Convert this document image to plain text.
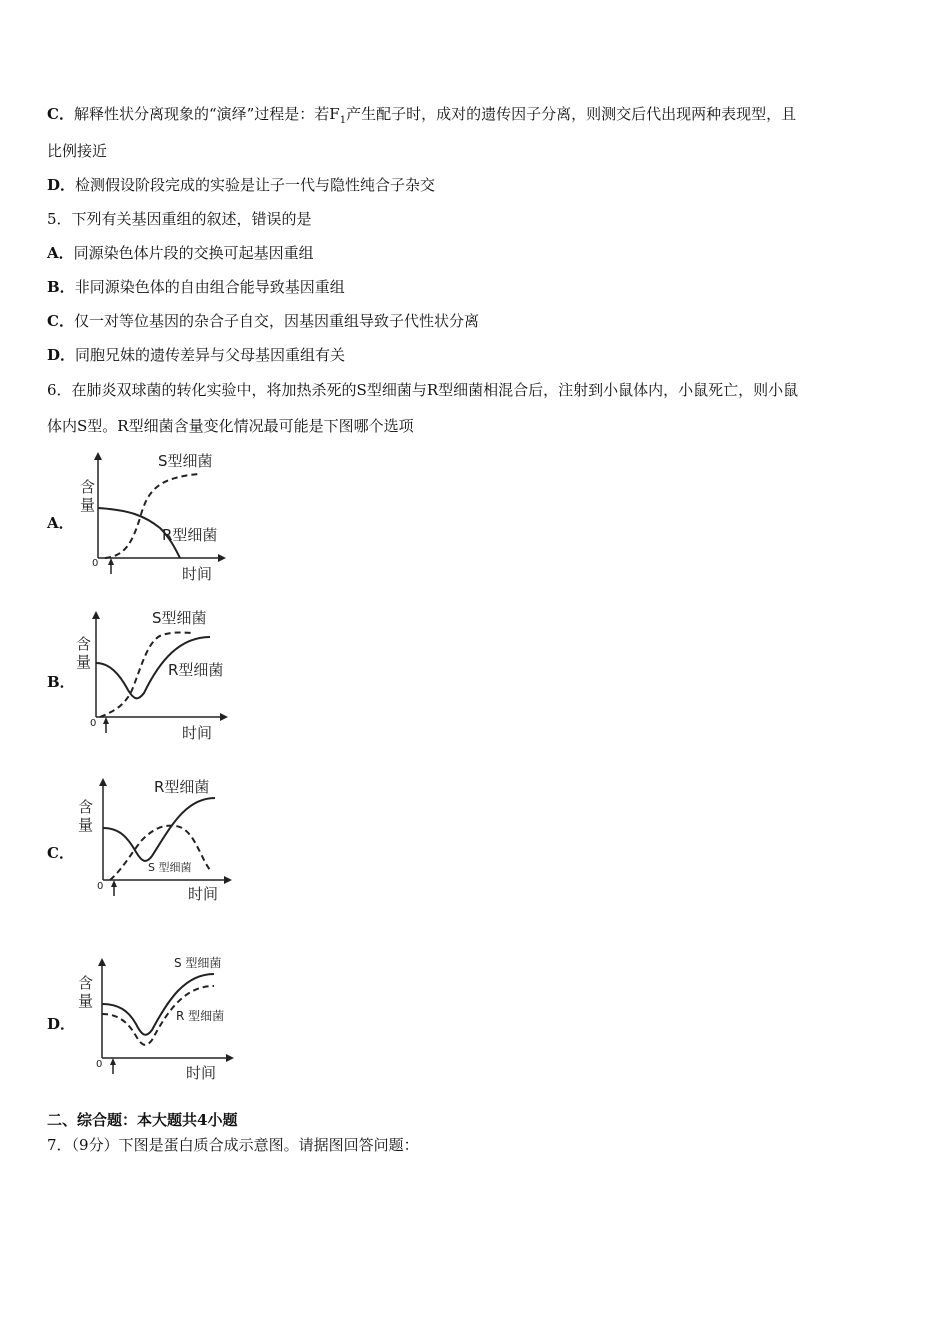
C．解释性状分离现象的“演绎”过程是：若$F_1$产生配子时，成对的遗传因子分离，则测交后代出现两种表现型，且
比例接近
D．检测假设阶段完成的实验是让子一代与隐性纯合子杂交
5．下列有关基因重组的叙述，错误的是
A．同源染色体片段的交换可起基因重组
B．非同源染色体的自由组合能导致基因重组
C．仅一对等位基因的杂合子自交，因基因重组导致子代性状分离
D．同胞兄妹的遗传差异与父母基因重组有关
6．在肺炎双球菌的转化实验中，将加热杀死的S型细菌与R型细菌相混合后，注射到小鼠体内，小鼠死亡，则小鼠
体内S型。R型细菌含量变化情况最可能是下图哪个选项
A．
含
量
0
时间
S型细菌
R型细菌
B．
含
量
0
时间
S型细菌
R型细菌
C．
含
量
0	时间
R型细菌
S 型细菌
D．
含
量
0	时间
S 型细菌
R 型细菌
二、综合题：本大题共4小题
7．（9分）下图是蛋白质合成示意图。请据图回答问题：
